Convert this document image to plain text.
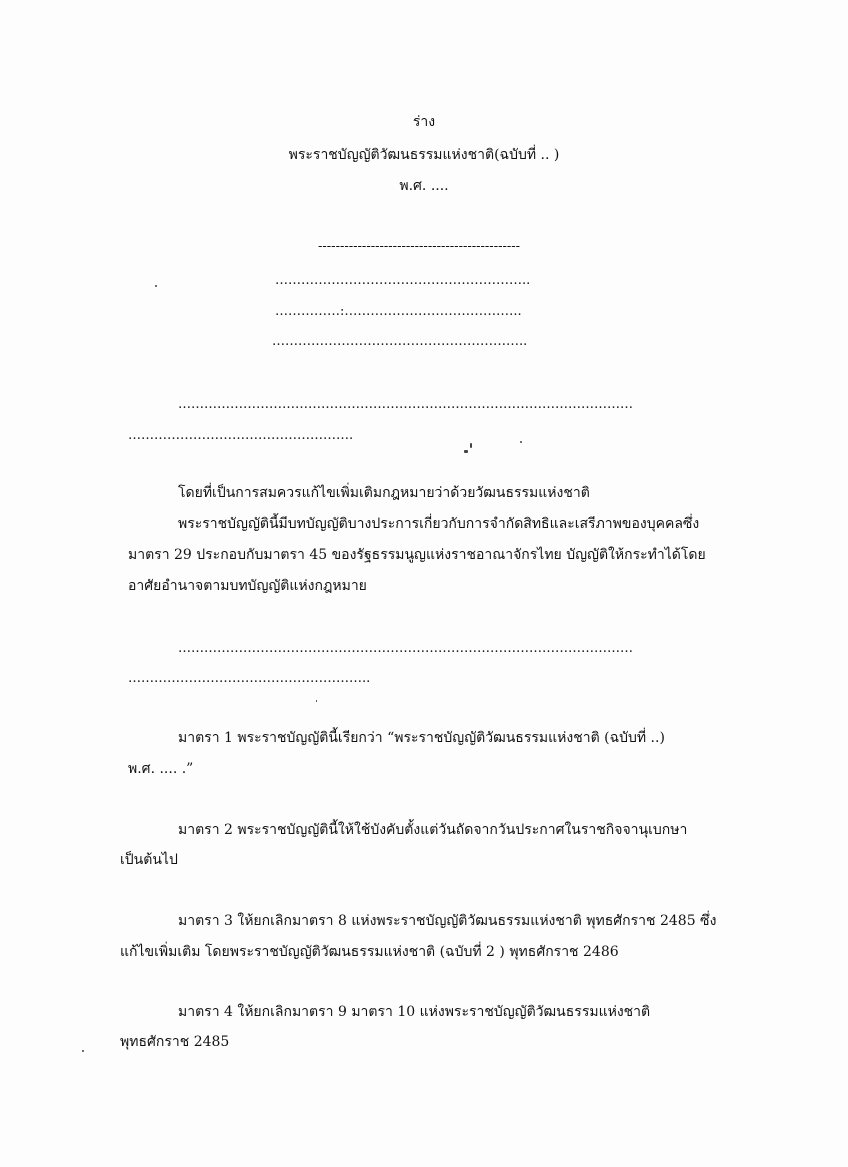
ร่าง
พระราชบัญญัติวัฒนธรรมแห่งชาติ(ฉบับที่ .. )
พ.ศ. ....
----------------------------------------------
…………………………………………………..
……………:…………………………………..
…………………………………………………..
……………………………………………………………………………………………
…………………………………………….
โดยที่เป็นการสมควรแก้ไขเพิ่มเติมกฎหมายว่าด้วยวัฒนธรรมแห่งชาติ
พระราชบัญญัตินี้มีบทบัญญัติบางประการเกี่ยวกับการจำกัดสิทธิและเสรีภาพของบุคคลซึ่ง
มาตรา 29 ประกอบกับมาตรา 45 ของรัฐธรรมนูญแห่งราชอาณาจักรไทย บัญญัติให้กระทำได้โดย
อาศัยอำนาจตามบทบัญญัติแห่งกฎหมาย
……………………………………………………………………………………………
………………………………………………..
มาตรา 1 พระราชบัญญัตินี้เรียกว่า “พระราชบัญญัติวัฒนธรรมแห่งชาติ (ฉบับที่ ..)
พ.ศ. .... .”
มาตรา 2 พระราชบัญญัตินี้ให้ใช้บังคับตั้งแต่วันถัดจากวันประกาศในราชกิจจานุเบกษา
เป็นต้นไป
มาตรา 3 ให้ยกเลิกมาตรา 8 แห่งพระราชบัญญัติวัฒนธรรมแห่งชาติ พุทธศักราช 2485 ซึ่ง
แก้ไขเพิ่มเติม โดยพระราชบัญญัติวัฒนธรรมแห่งชาติ (ฉบับที่ 2 ) พุทธศักราช 2486
มาตรา 4 ให้ยกเลิกมาตรา 9 มาตรา 10 แห่งพระราชบัญญัติวัฒนธรรมแห่งชาติ
พุทธศักราช 2485
